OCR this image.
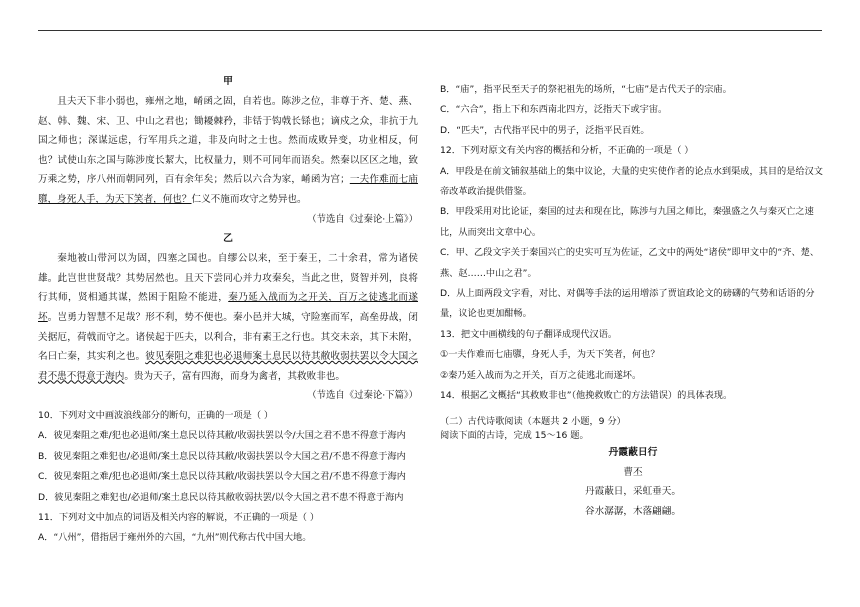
甲

且夫天下非小弱也，雍州之地，崤函之固，自若也。陈涉之位，非尊于齐、楚、燕、赵、韩、魏、宋、卫、中山之君也；锄耰棘矜，非铦于钩戟长铩也；谪戍之众，非抗于九国之师也；深谋远虑，行军用兵之道，非及向时之士也。然而成败异变，功业相反，何也？试使山东之国与陈涉度长絜大，比权量力，则不可同年而语矣。然秦以区区之地，致万乘之势，序八州而朝同列，百有余年矣；然后以六合为家，崤函为宫；一夫作难而七庙隳，身死人手，为天下笑者，何也？仁义不施而攻守之势异也。

（节选自《过秦论·上篇》）

乙

秦地被山带河以为固，四塞之国也。自缪公以来，至于秦王，二十余君，常为诸侯雄。此岂世世贤哉？其势居然也。且天下尝同心并力攻秦矣，当此之世，贤智并列，良将行其师，贤相通其谋，然困于阻险不能进，秦乃延入战而为之开关，百万之徒逃北而遂坏。岂勇力智慧不足哉？形不利，势不便也。秦小邑并大城，守险塞而军，高垒毋战，闭关据厄，荷戟而守之。诸侯起于匹夫，以利合，非有素王之行也。其交未亲，其下未附，名曰亡秦，其实利之也。彼见秦阻之难犯也必退师案土息民以待其敝收弱扶罢以令大国之君不患不得意于海内。贵为天子，富有四海，而身为禽者，其救败非也。

（节选自《过秦论·下篇》）

10．下列对文中画波浪线部分的断句，正确的一项是（ ）

A．彼见秦阻之难/犯也必退师/案土息民以待其敝/收弱扶罢以令/大国之君不患不得意于海内

B．彼见秦阻之难犯也/必退师/案土息民以待其敝/收弱扶罢以令大国之君/不患不得意于海内

C．彼见秦阻之难/犯也必退师/案土息民以待其敝/收弱扶罢以令大国之君/不患不得意于海内

D．彼见秦阻之难犯也/必退师/案土息民以待其敝收弱扶罢/以令大国之君不患不得意于海内

11．下列对文中加点的词语及相关内容的解说，不正确的一项是（ ）

A．“八州”，借指居于雍州外的六国，“九州”则代称古代中国大地。

B．“庙”，指平民至天子的祭祀祖先的场所，“七庙”是古代天子的宗庙。

C．“六合”，指上下和东西南北四方，泛指天下或宇宙。

D．“匹夫”，古代指平民中的男子，泛指平民百姓。

12．下列对原文有关内容的概括和分析，不正确的一项是（ ）

A．甲段是在前文铺叙基础上的集中议论，大量的史实使作者的论点水到渠成，其目的是给汉文帝改革政治提供借鉴。

B．甲段采用对比论证，秦国的过去和现在比，陈涉与九国之师比，秦强盛之久与秦灭亡之速比，从而突出文章中心。

C．甲、乙段文字关于秦国兴亡的史实可互为佐证，乙文中的两处“诸侯”即甲文中的“齐、楚、燕、赵……中山之君”。

D．从上面两段文字看，对比、对偶等手法的运用增添了贾谊政论文的磅礴的气势和话语的分量，议论也更加酣畅。

13．把文中画横线的句子翻译成现代汉语。

①一夫作难而七庙隳，身死人手，为天下笑者，何也？

②秦乃延入战而为之开关，百万之徒逃北而遂坏。

14．根据乙文概括“其救败非也”（他挽救败亡的方法错误）的具体表现。

（二）古代诗歌阅读（本题共 2 小题，9 分）

阅读下面的古诗，完成 15～16 题。

丹霞蔽日行

曹丕

丹霞蔽日，采虹垂天。

谷水潺潺，木落翩翩。
